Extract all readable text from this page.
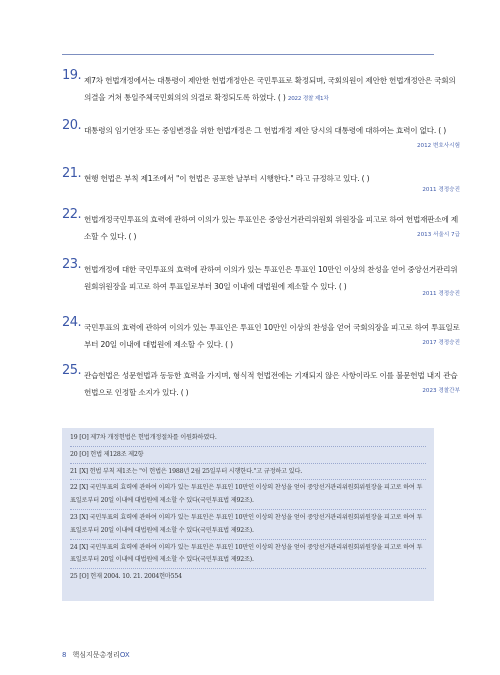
19. 제7차 헌법개정에서는 대통령이 제안한 헌법개정안은 국민투표로 확정되며, 국회의원이 제안한 헌법개정안은 국회의 의결을 거쳐 통일주체국민회의의 의결로 확정되도록 하였다. ( ) 2022 경찰 제1차
20. 대통령의 임기연장 또는 중임변경을 위한 헌법개정은 그 헌법개정 제안 당시의 대통령에 대하여는 효력이 없다. ( )
2012 변호사시험
21. 현행 헌법은 부칙 제1조에서 "이 헌법은 공포한 날부터 시행한다." 라고 규정하고 있다. ( )
2011 경정승진
22. 헌법개정국민투표의 효력에 관하여 이의가 있는 투표인은 중앙선거관리위원회 위원장을 피고로 하여 헌법재판소에 제소할 수 있다. ( )	2013 서울시 7급
23. 헌법개정에 대한 국민투표의 효력에 관하여 이의가 있는 투표인은 투표인 10만인 이상의 찬성을 얻어 중앙선거관리위원회위원장을 피고로 하여 투표일로부터 30일 이내에 대법원에 제소할 수 있다. ( )
2011 경정승진
24. 국민투표의 효력에 관하여 이의가 있는 투표인은 투표인 10만인 이상의 찬성을 얻어 국회의장을 피고로 하여 투표일로부터 20일 이내에 대법원에 제소할 수 있다. ( )	2017 경정승진
25. 관습헌법은 성문헌법과 동등한 효력을 가지며, 형식적 헌법전에는 기재되지 않은 사항이라도 이를 불문헌법 내지 관습헌법으로 인정할 소지가 있다. ( )	2023 경찰간부
19 [O] 제7차 개정헌법은 헌법개정절차를 이원화하였다.
20 [O] 헌법 제128조 제2항
21 [X] 헌법 부칙 제1조는 "이 헌법은 1988년 2월 25일부터 시행한다."고 규정하고 있다.
22 [X] 국민투표의 효력에 관하여 이의가 있는 투표인은 투표인 10만인 이상의 찬성을 얻어 중앙선거관리위원회위원장을 피고로 하여 투표일로부터 20일 이내에 대법원에 제소할 수 있다(국민투표법 제92조).
23 [X] 국민투표의 효력에 관하여 이의가 있는 투표인은 투표인 10만인 이상의 찬성을 얻어 중앙선거관리위원회위원장을 피고로 하여 투표일로부터 20일 이내에 대법원에 제소할 수 있다(국민투표법 제92조).
24 [X] 국민투표의 효력에 관하여 이의가 있는 투표인은 투표인 10만인 이상의 찬성을 얻어 중앙선거관리위원회위원장을 피고로 하여 투표일로부터 20일 이내에 대법원에 제소할 수 있다(국민투표법 제92조).
25 [O] 헌재 2004. 10. 21. 2004헌마554
8 핵심지문총정리OX
